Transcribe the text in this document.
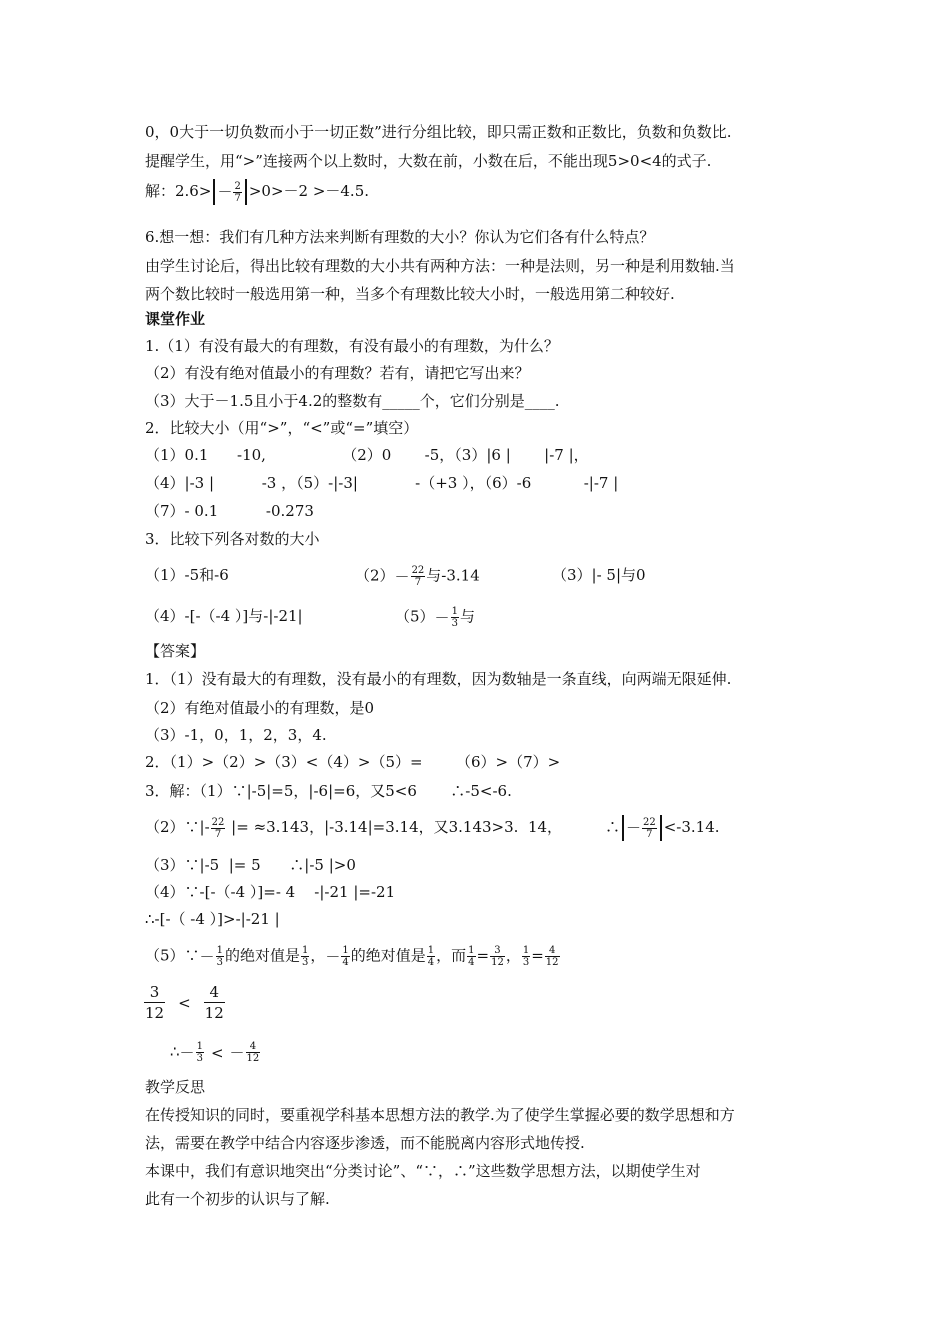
0，0大于一切负数而小于一切正数”进行分组比较，即只需正数和正数比，负数和负数比.
提醒学生，用“>”连接两个以上数时，大数在前，小数在后，不能出现5>0<4的式子.
解：$2.6> - \frac{2}{7} >0>-2 >-4.5$.
6.想一想：我们有几种方法来判断有理数的大小？你认为它们各有什么特点？
由学生讨论后，得出比较有理数的大小共有两种方法：一种是法则，另一种是利用数轴.当
两个数比较时一般选用第一种，当多个有理数比较大小时，一般选用第二种较好.
课堂作业
1.（1）有没有最大的有理数，有没有最小的有理数，为什么？
（2）有没有绝对值最小的有理数？若有，请把它写出来？
（3）大于－1.5且小于4.2的整数有_____个，它们分别是____.
2．比较大小（用“>”，“<”或“=”填空）
（1）0.1      -10,                （2）0       -5，（3）|6 |       |-7 |，
（4）|-3 |          -3 ，（5）-|-3|            -（+3 ），（6）-6           -|-7 |
（7）- 0.1          -0.273
3．比较下列各对数的大小
（1）-5和-6	$(2)- \frac{22}{7}$ 与-3.14	（3）|- 5|与0
（4）-[-（-4 ）]与-|-21|	$(5)- \frac{1}{3}$ 与
【答案】
1．（1）没有最大的有理数，没有最小的有理数，因为数轴是一条直线，向两端无限延伸.
（2）有绝对值最小的有理数，是0
（3）-1，0，1，2，3，4.
2．（1）>（2）>（3）<（4）>（5）=       （6）>（7）>
3．解：（1）∵|-5|=5，|-6|=6，又5<6       ∴-5<-6.
（2）∵|- $\frac{22}{7}$ |= ≈3.143，|-3.14|=3.14，又3.143>3.  14，         ∴ － $\frac{22}{7} <-3.14$.
（3）∵|-5  |= 5      ∴|-5 |>0
（4）∵-[-（-4 ）]=- 4    -|-21 |=-21
∴-[-（ -4 ）]>-|-21 |
（5）∵－ $\frac{1}{3}$ 的绝对值是 $\frac{1}{3}$ ，－ $\frac{1}{4}$ 的绝对值是 $\frac{1}{4}$ ，而 $\frac{1}{4} = \frac{3}{12}$ ， $\frac{1}{3} = \frac{4}{12}$
$\frac{3}{12} < \frac{4}{12}$
∴－ $\frac{1}{3}$ < － $\frac{4}{12}$
教学反思
在传授知识的同时，要重视学科基本思想方法的教学.为了使学生掌握必要的数学思想和方
法，需要在教学中结合内容逐步渗透，而不能脱离内容形式地传授.
本课中，我们有意识地突出“分类讨论”、“∵，∴”这些数学思想方法，以期使学生对
此有一个初步的认识与了解.
